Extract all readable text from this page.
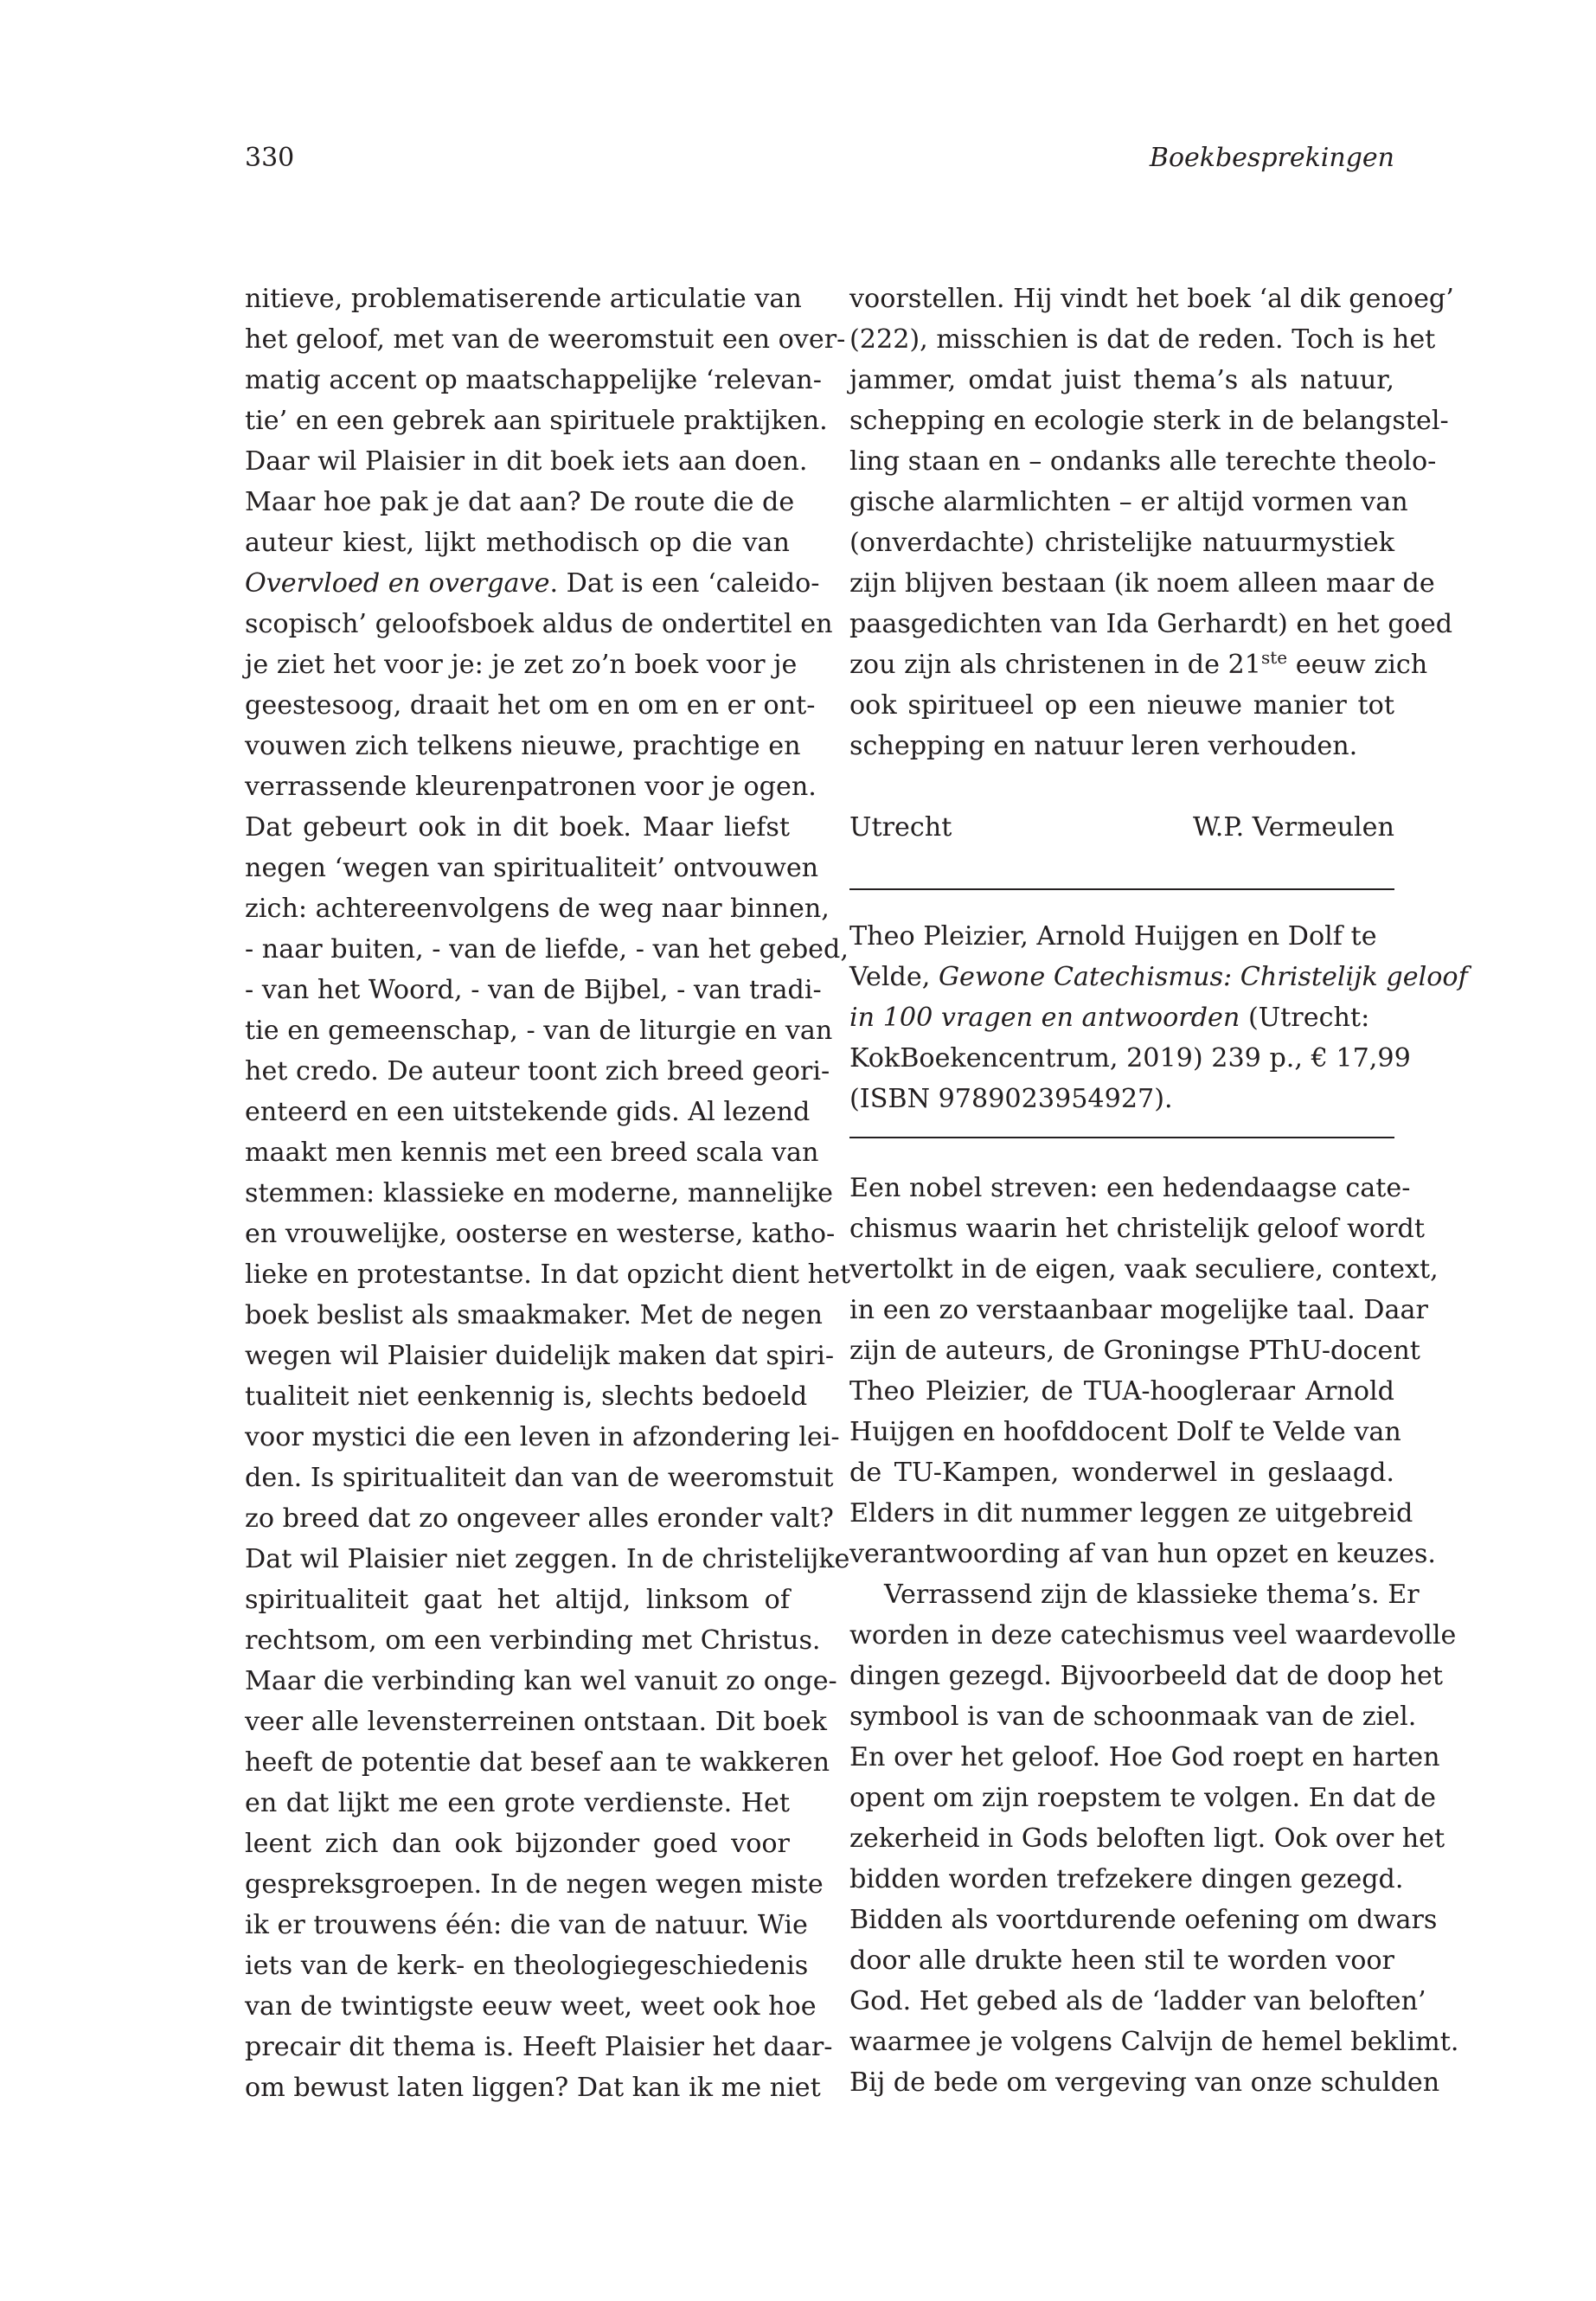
330	Boekbesprekingen
nitieve, problematiserende articulatie van
het geloof, met van de weeromstuit een over-
matig accent op maatschappelijke ‘relevan-
tie’ en een gebrek aan spirituele praktijken.
Daar wil Plaisier in dit boek iets aan doen.
Maar hoe pak je dat aan? De route die de
auteur kiest, lijkt methodisch op die van
Overvloed en overgave. Dat is een ‘caleido-
scopisch’ geloofsboek aldus de ondertitel en
je ziet het voor je: je zet zo’n boek voor je
geestesoog, draait het om en om en er ont-
vouwen zich telkens nieuwe, prachtige en
verrassende kleurenpatronen voor je ogen.
Dat gebeurt ook in dit boek. Maar liefst
negen ‘wegen van spiritualiteit’ ontvouwen
zich: achtereenvolgens de weg naar binnen,
- naar buiten, - van de liefde, - van het gebed,
- van het Woord, - van de Bijbel, - van tradi-
tie en gemeenschap, - van de liturgie en van
het credo. De auteur toont zich breed geori-
enteerd en een uitstekende gids. Al lezend
maakt men kennis met een breed scala van
stemmen: klassieke en moderne, mannelijke
en vrouwelijke, oosterse en westerse, katho-
lieke en protestantse. In dat opzicht dient het
boek beslist als smaakmaker. Met de negen
wegen wil Plaisier duidelijk maken dat spiri-
tualiteit niet eenkennig is, slechts bedoeld
voor mystici die een leven in afzondering lei-
den. Is spiritualiteit dan van de weeromstuit
zo breed dat zo ongeveer alles eronder valt?
Dat wil Plaisier niet zeggen. In de christelijke
spiritualiteit gaat het altijd, linksom of
rechtsom, om een verbinding met Christus.
Maar die verbinding kan wel vanuit zo onge-
veer alle levensterreinen ontstaan. Dit boek
heeft de potentie dat besef aan te wakkeren
en dat lijkt me een grote verdienste. Het
leent zich dan ook bijzonder goed voor
gespreksgroepen. In de negen wegen miste
ik er trouwens één: die van de natuur. Wie
iets van de kerk- en theologiegeschiedenis
van de twintigste eeuw weet, weet ook hoe
precair dit thema is. Heeft Plaisier het daar-
om bewust laten liggen? Dat kan ik me niet
voorstellen. Hij vindt het boek ‘al dik genoeg’
(222), misschien is dat de reden. Toch is het
jammer, omdat juist thema’s als natuur,
schepping en ecologie sterk in de belangstel-
ling staan en – ondanks alle terechte theolo-
gische alarmlichten – er altijd vormen van
(onverdachte) christelijke natuurmystiek
zijn blijven bestaan (ik noem alleen maar de
paasgedichten van Ida Gerhardt) en het goed
zou zijn als christenen in de 21ste eeuw zich
ook spiritueel op een nieuwe manier tot
schepping en natuur leren verhouden.
Utrecht	W.P. Vermeulen
Theo Pleizier, Arnold Huijgen en Dolf te
Velde, Gewone Catechismus: Christelijk geloof
in 100 vragen en antwoorden (Utrecht:
KokBoekencentrum, 2019) 239 p., € 17,99
(ISBN 9789023954927).
Een nobel streven: een hedendaagse cate-
chismus waarin het christelijk geloof wordt
vertolkt in de eigen, vaak seculiere, context,
in een zo verstaanbaar mogelijke taal. Daar
zijn de auteurs, de Groningse PThU-docent
Theo Pleizier, de TUA-hoogleraar Arnold
Huijgen en hoofddocent Dolf te Velde van
de TU-Kampen, wonderwel in geslaagd.
Elders in dit nummer leggen ze uitgebreid
verantwoording af van hun opzet en keuzes.
Verrassend zijn de klassieke thema’s. Er
worden in deze catechismus veel waardevolle
dingen gezegd. Bijvoorbeeld dat de doop het
symbool is van de schoonmaak van de ziel.
En over het geloof. Hoe God roept en harten
opent om zijn roepstem te volgen. En dat de
zekerheid in Gods beloften ligt. Ook over het
bidden worden trefzekere dingen gezegd.
Bidden als voortdurende oefening om dwars
door alle drukte heen stil te worden voor
God. Het gebed als de ‘ladder van beloften’
waarmee je volgens Calvijn de hemel beklimt.
Bij de bede om vergeving van onze schulden
